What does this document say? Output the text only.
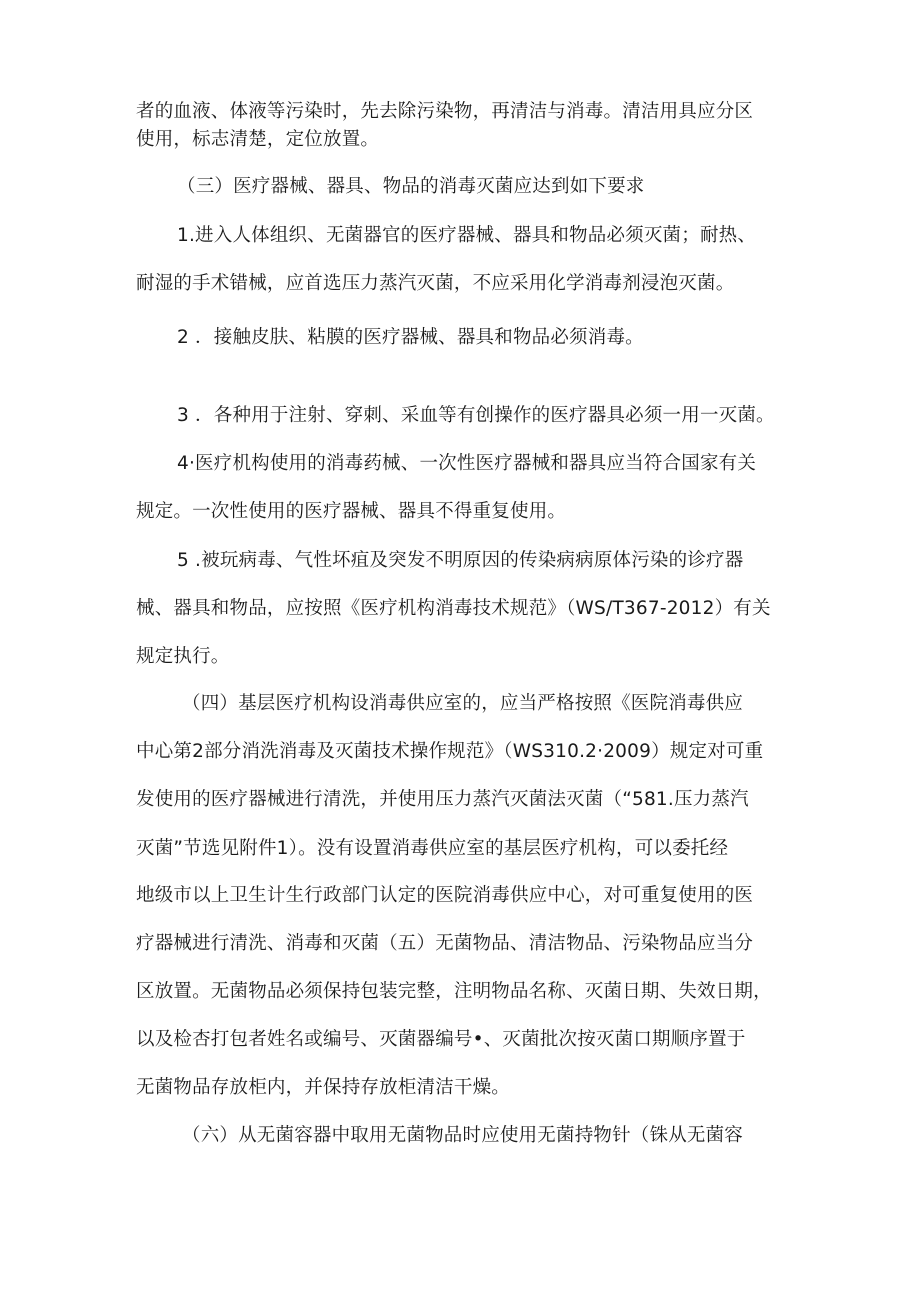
者的血液、体液等污染时，先去除污染物，再清洁与消毒。清洁用具应分区

使用，标志清楚，定位放置。

（三）医疗器械、器具、物品的消毒灭菌应达到如下要求

1.进入人体组织、无菌器官的医疗器械、器具和物品必须灭菌；耐热、

耐湿的手术错械，应首选压力蒸汽灭菌，不应采用化学消毒剂浸泡灭菌。

2 ．接触皮肤、粘膜的医疗器械、器具和物品必须消毒。

3 ．各种用于注射、穿刺、采血等有创操作的医疗器具必须一用一灭菌。

4·医疗机构使用的消毒药械、一次性医疗器械和器具应当符合国家有关

规定。一次性使用的医疗器械、器具不得重复使用。

5 .被玩病毒、气性坏疽及突发不明原因的传染病病原体污染的诊疗器

械、器具和物品，应按照《医疗机构消毒技术规范》（WS/T367-2012）有关

规定执行。

（四）基层医疗机构设消毒供应室的，应当严格按照《医院消毒供应

中心第2部分消洗消毒及灭菌技术操作规范》（WS310.2·2009）规定对可重

发使用的医疗器械进行清洗，并使用压力蒸汽灭菌法灭菌（“581.压力蒸汽

灭菌”节选见附件1）。没有设置消毒供应室的基层医疗机构，可以委托经

地级市以上卫生计生行政部门认定的医院消毒供应中心，对可重复使用的医

疗器械进行清洗、消毒和灭菌（五）无菌物品、清洁物品、污染物品应当分

区放置。无菌物品必须保持包装完整，注明物品名称、灭菌日期、失效日期，

以及检杏打包者姓名或编号、灭菌器编号•、灭菌批次按灭菌口期顺序置于

无菌物品存放柜内，并保持存放柜清洁干燥。

（六）从无菌容器中取用无菌物品时应使用无菌持物针（铢从无菌容
